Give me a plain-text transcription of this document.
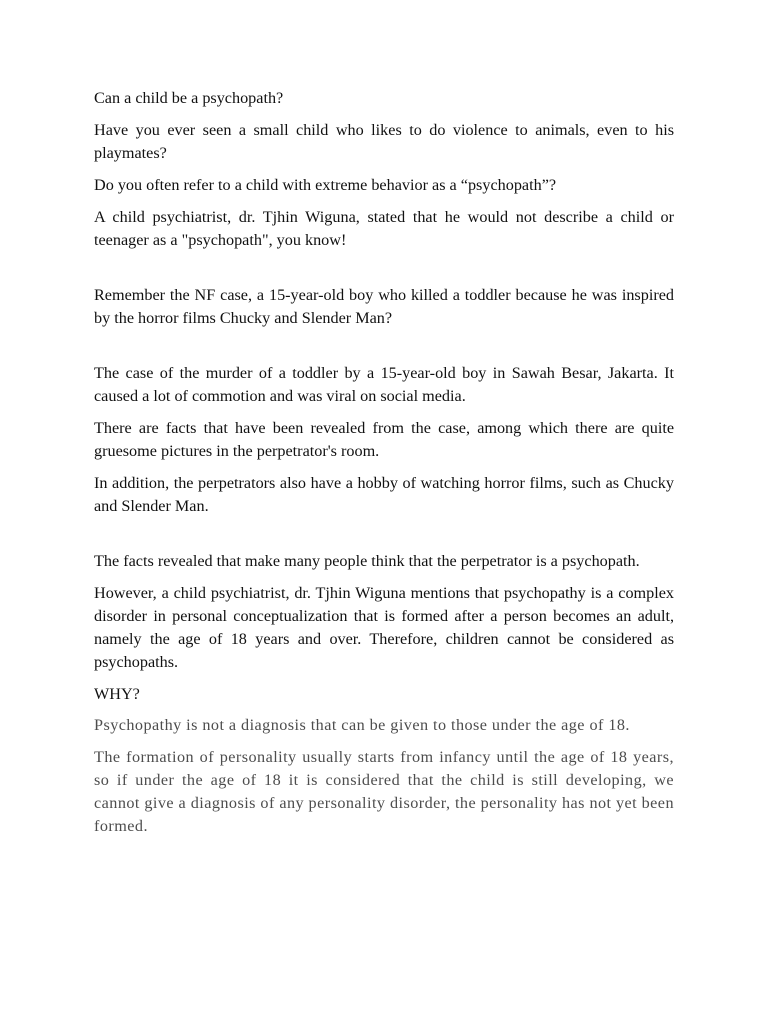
Can a child be a psychopath?

Have you ever seen a small child who likes to do violence to animals, even to his playmates?

Do you often refer to a child with extreme behavior as a “psychopath”?

A child psychiatrist, dr. Tjhin Wiguna, stated that he would not describe a child or teenager as a "psychopath", you know!

Remember the NF case, a 15-year-old boy who killed a toddler because he was inspired by the horror films Chucky and Slender Man?

The case of the murder of a toddler by a 15-year-old boy in Sawah Besar, Jakarta. It caused a lot of commotion and was viral on social media.

There are facts that have been revealed from the case, among which there are quite gruesome pictures in the perpetrator's room.

In addition, the perpetrators also have a hobby of watching horror films, such as Chucky and Slender Man.

The facts revealed that make many people think that the perpetrator is a psychopath.

However, a child psychiatrist, dr. Tjhin Wiguna mentions that psychopathy is a complex disorder in personal conceptualization that is formed after a person becomes an adult, namely the age of 18 years and over. Therefore, children cannot be considered as psychopaths.

WHY?

Psychopathy is not a diagnosis that can be given to those under the age of 18.

The formation of personality usually starts from infancy until the age of 18 years, so if under the age of 18 it is considered that the child is still developing, we cannot give a diagnosis of any personality disorder, the personality has not yet been formed.
